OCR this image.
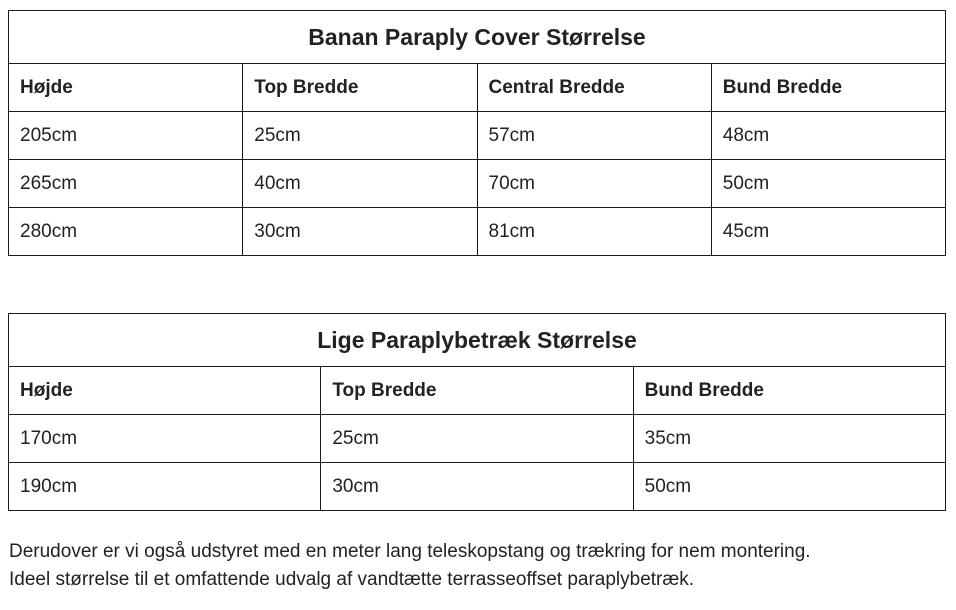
Banan Paraply Cover Størrelse			
Højde	Top Bredde	Central Bredde	Bund Bredde
205cm	25cm	57cm	48cm
265cm	40cm	70cm	50cm
280cm	30cm	81cm	45cm
Lige Paraplybetræk Størrelse		
Højde	Top Bredde	Bund Bredde
170cm	25cm	35cm
190cm	30cm	50cm

Derudover er vi også udstyret med en meter lang teleskopstang og trækring for nem montering.

Ideel størrelse til et omfattende udvalg af vandtætte terrasseoffset paraplybetræk.
